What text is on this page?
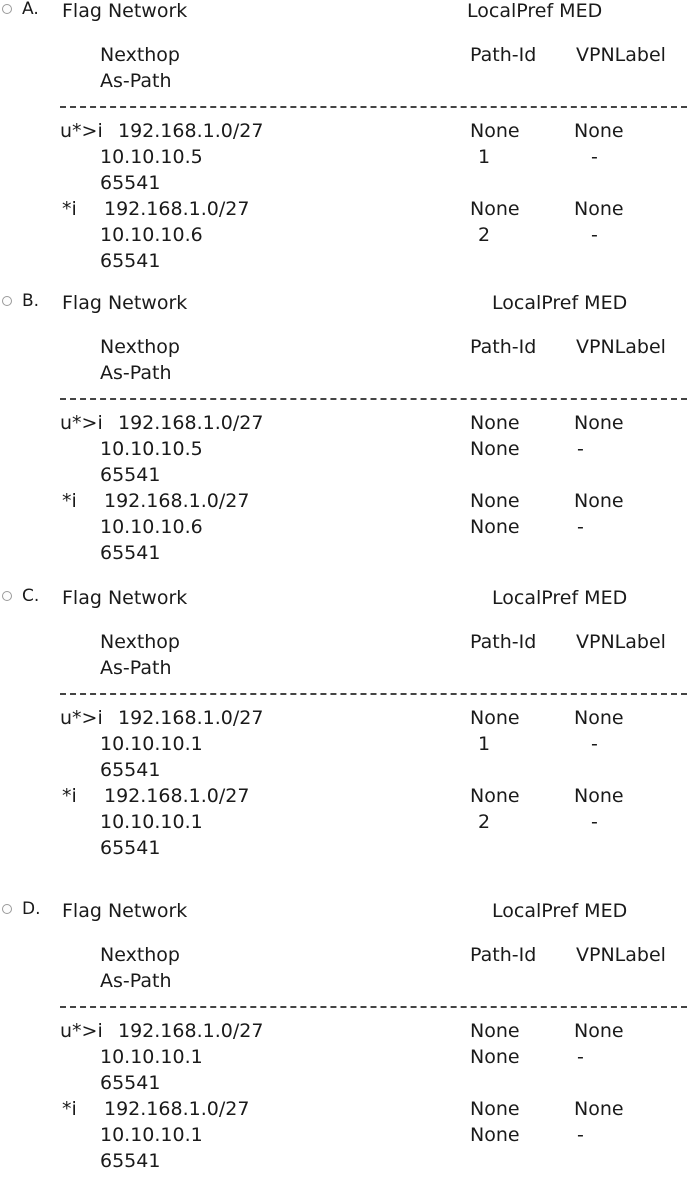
A. Flag Network	LocalPref MED
Nexthop	Path-Id VPNLabel
As-Path
u*>i 192.168.1.0/27	None	None
10.10.10.5	1	-
65541
*i 192.168.1.0/27	None	None
10.10.10.6	2	-
65541
B. Flag Network	LocalPref MED
Nexthop	Path-Id VPNLabel
As-Path
u*>i 192.168.1.0/27	None	None
10.10.10.5	None	-
65541
*i 192.168.1.0/27	None	None
10.10.10.6	None	-
65541
C. Flag Network	LocalPref MED
Nexthop	Path-Id VPNLabel
As-Path
u*>i 192.168.1.0/27	None	None
10.10.10.1	1	-
65541
*i 192.168.1.0/27	None	None
10.10.10.1	2	-
65541
D. Flag Network	LocalPref MED
Nexthop	Path-Id VPNLabel
As-Path
u*>i 192.168.1.0/27	None	None
10.10.10.1	None	-
65541
*i 192.168.1.0/27	None	None
10.10.10.1	None	-
65541
